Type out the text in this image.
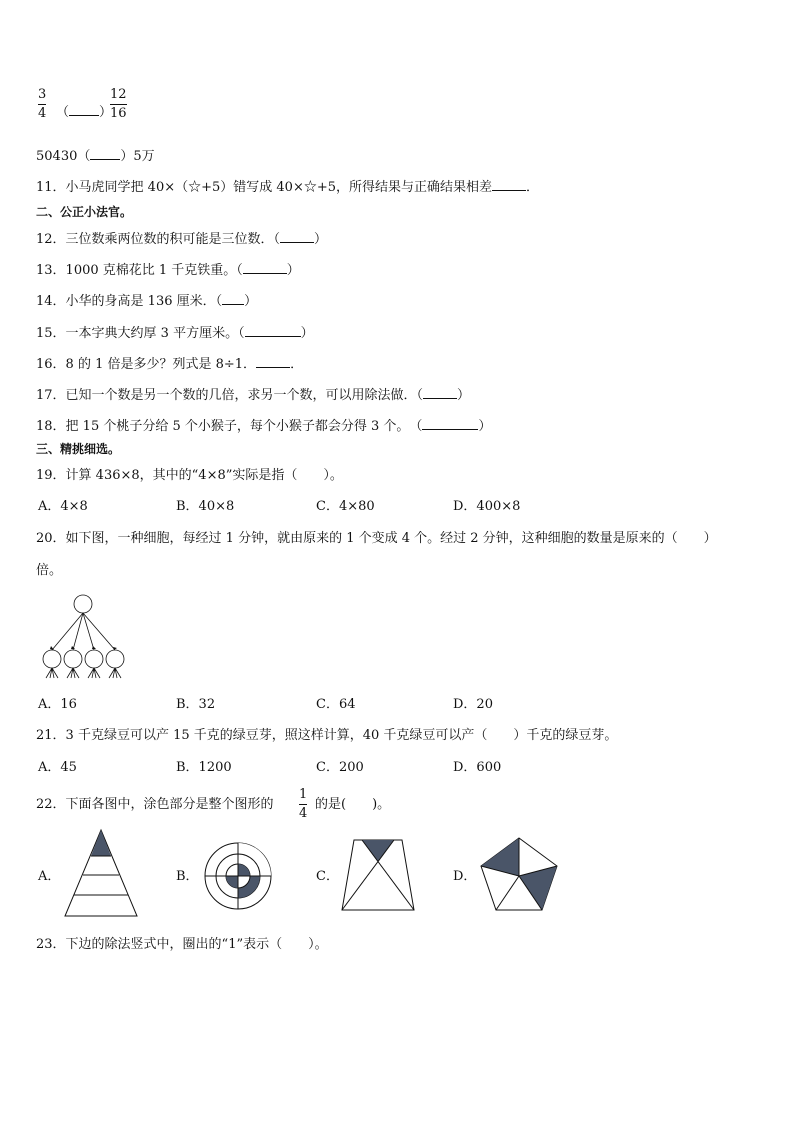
3
4 （ ）
12
16
50430（ ）5万
11．小马虎同学把 40×（☆+5）错写成 40×☆+5，所得结果与正确结果相差	．
二、公正小法官。
12．三位数乘两位数的积可能是三位数．（	）
13．1000 克棉花比 1 千克铁重。（	）
14．小华的身高是 136 厘米．（ ）
15．一本字典大约厚 3 平方厘米。（	）
16．8 的 1 倍是多少？列式是 8÷1．	．
17．已知一个数是另一个数的几倍，求另一个数，可以用除法做．（	）
18．把 15 个桃子分给 5 个小猴子，每个小猴子都会分得 3 个。　（	）
三、精挑细选。
19．计算 436×8，其中的“4×8”实际是指（　　）。
A．4×8	B．40×8	C．4×80	D．400×8
20．如下图，一种细胞，每经过 1 分钟，就由原来的 1 个变成 4 个。经过 2 分钟，这种细胞的数量是原来的（　　）
倍。
A．16	B．32	C．64	D．20
21．3 千克绿豆可以产 15 千克的绿豆芽，照这样计算，40 千克绿豆可以产（　　）千克的绿豆芽。
A．45	B．1200	C．200	D．600
22．下面各图中，涂色部分是整个图形的
1
4
的是(　　)。
A．	B．	C．	D．
23．下边的除法竖式中，圈出的“1”表示（　　）。
